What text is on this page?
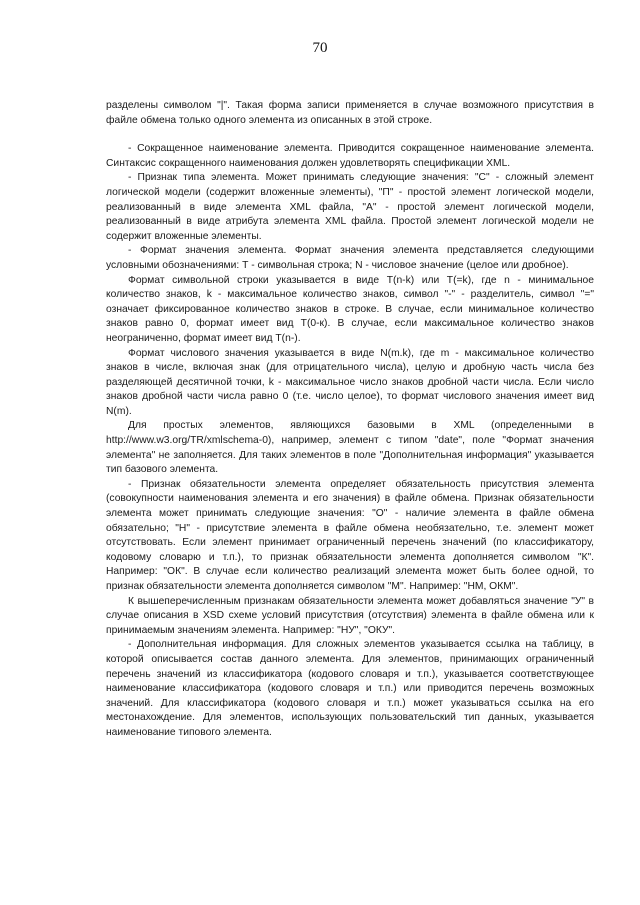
70

разделены символом "|". Такая форма записи применяется в случае возможного присутствия в файле обмена только одного элемента из описанных в этой строке.

- Сокращенное наименование элемента. Приводится сокращенное наименование элемента. Синтаксис сокращенного наименования должен удовлетворять спецификации XML.

- Признак типа элемента. Может принимать следующие значения: "С" - сложный элемент логической модели (содержит вложенные элементы), "П" - простой элемент логической модели, реализованный в виде элемента XML файла, "А" - простой элемент логической модели, реализованный в виде атрибута элемента XML файла. Простой элемент логической модели не содержит вложенные элементы.

- Формат значения элемента. Формат значения элемента представляется следующими условными обозначениями: Т - символьная строка; N - числовое значение (целое или дробное).

Формат символьной строки указывается в виде T(n-k) или T(=k), где n - минимальное количество знаков, k - максимальное количество знаков, символ "-" - разделитель, символ "=" означает фиксированное количество знаков в строке. В случае, если минимальное количество знаков равно 0, формат имеет вид T(0-к). В случае, если максимальное количество знаков неограниченно, формат имеет вид T(n-).

Формат числового значения указывается в виде N(m.k), где m - максимальное количество знаков в числе, включая знак (для отрицательного числа), целую и дробную часть числа без разделяющей десятичной точки, k - максимальное число знаков дробной части числа. Если число знаков дробной части числа равно 0 (т.е. число целое), то формат числового значения имеет вид N(m).

Для простых элементов, являющихся базовыми в XML (определенными в http://www.w3.org/TR/xmlschema-0), например, элемент с типом "date", поле "Формат значения элемента" не заполняется. Для таких элементов в поле "Дополнительная информация" указывается тип базового элемента.

- Признак обязательности элемента определяет обязательность присутствия элемента (совокупности наименования элемента и его значения) в файле обмена. Признак обязательности элемента может принимать следующие значения: "О" - наличие элемента в файле обмена обязательно; "Н" - присутствие элемента в файле обмена необязательно, т.е. элемент может отсутствовать. Если элемент принимает ограниченный перечень значений (по классификатору, кодовому словарю и т.п.), то признак обязательности элемента дополняется символом "К". Например: "ОК". В случае если количество реализаций элемента может быть более одной, то признак обязательности элемента дополняется символом "М". Например: "НМ, ОКМ".

К вышеперечисленным признакам обязательности элемента может добавляться значение "У" в случае описания в XSD схеме условий присутствия (отсутствия) элемента в файле обмена или к принимаемым значениям элемента. Например: "НУ", "ОКУ".

- Дополнительная информация. Для сложных элементов указывается ссылка на таблицу, в которой описывается состав данного элемента. Для элементов, принимающих ограниченный перечень значений из классификатора (кодового словаря и т.п.), указывается соответствующее наименование классификатора (кодового словаря и т.п.) или приводится перечень возможных значений. Для классификатора (кодового словаря и т.п.) может указываться ссылка на его местонахождение. Для элементов, использующих пользовательский тип данных, указывается наименование типового элемента.
